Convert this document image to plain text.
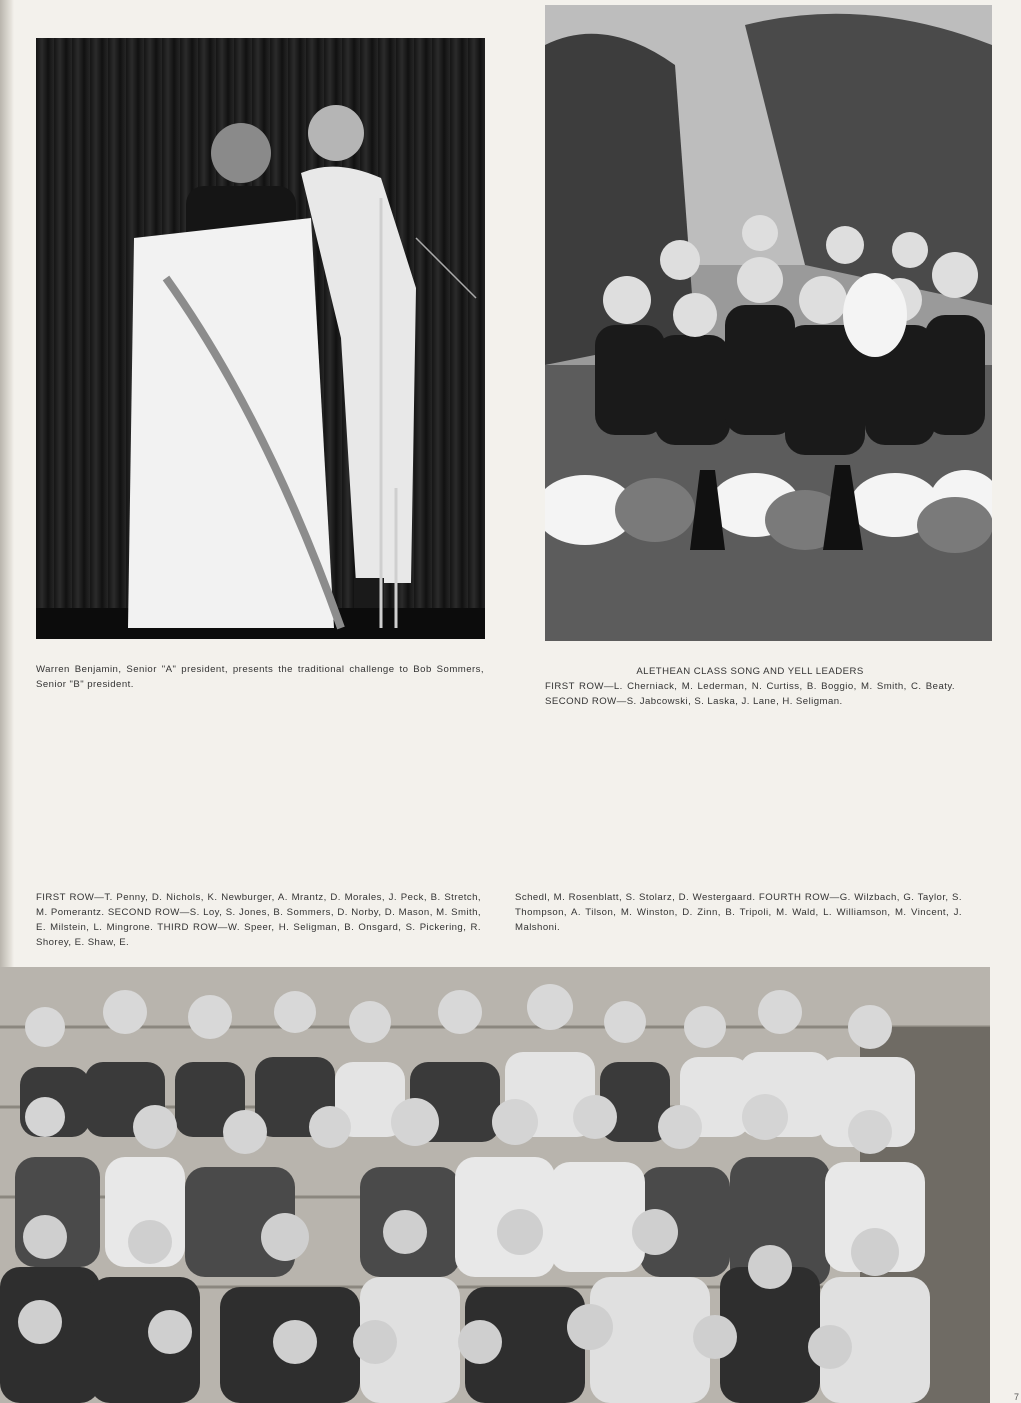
Warren Benjamin, Senior "A" president, presents the traditional challenge to Bob Sommers, Senior "B" president.
ALETHEAN CLASS SONG AND YELL LEADERS
FIRST ROW—L. Cherniack, M. Lederman, N. Curtiss, B. Boggio, M. Smith, C. Beaty. SECOND ROW—S. Jabcowski, S. Laska, J. Lane, H. Seligman.
FIRST ROW—T. Penny, D. Nichols, K. Newburger, A. Mrantz, D. Morales, J. Peck, B. Stretch, M. Pomerantz. SECOND ROW—S. Loy, S. Jones, B. Sommers, D. Norby, D. Mason, M. Smith, E. Milstein, L. Mingrone. THIRD ROW—W. Speer, H. Seligman, B. Onsgard, S. Pickering, R. Shorey, E. Shaw, E.
Schedl, M. Rosenblatt, S. Stolarz, D. Westergaard. FOURTH ROW—G. Wilzbach, G. Taylor, S. Thompson, A. Tilson, M. Winston, D. Zinn, B. Tripoli, M. Wald, L. Williamson, M. Vincent, J. Malshoni.
7
